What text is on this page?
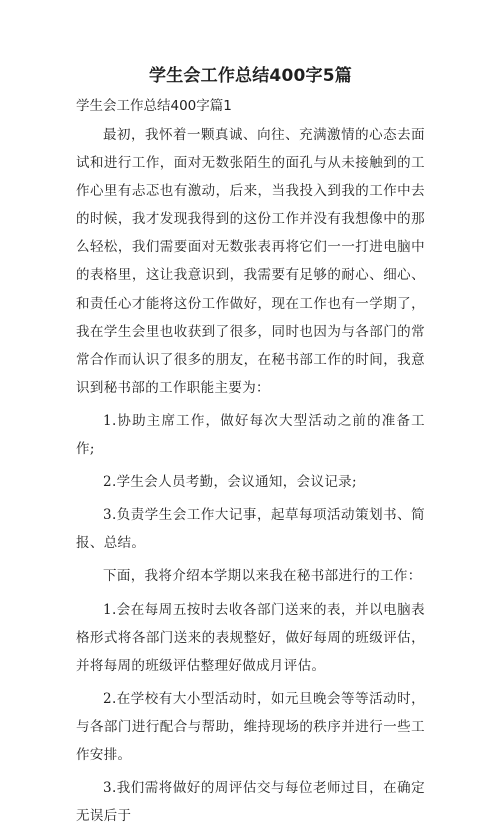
学生会工作总结400字5篇
学生会工作总结400字篇1

最初，我怀着一颗真诚、向往、充满激情的心态去面试和进行工作，面对无数张陌生的面孔与从未接触到的工作心里有忐忑也有激动，后来，当我投入到我的工作中去的时候，我才发现我得到的这份工作并没有我想像中的那么轻松，我们需要面对无数张表再将它们一一打进电脑中的表格里，这让我意识到，我需要有足够的耐心、细心、和责任心才能将这份工作做好，现在工作也有一学期了，我在学生会里也收获到了很多，同时也因为与各部门的常常合作而认识了很多的朋友，在秘书部工作的时间，我意识到秘书部的工作职能主要为：

1.协助主席工作，做好每次大型活动之前的准备工作;

2.学生会人员考勤，会议通知，会议记录;

3.负责学生会工作大记事，起草每项活动策划书、简报、总结。

下面，我将介绍本学期以来我在秘书部进行的工作：

1.会在每周五按时去收各部门送来的表，并以电脑表格形式将各部门送来的表规整好，做好每周的班级评估，并将每周的班级评估整理好做成月评估。

2.在学校有大小型活动时，如元旦晚会等等活动时，与各部门进行配合与帮助，维持现场的秩序并进行一些工作安排。

3.我们需将做好的周评估交与每位老师过目，在确定无误后于
